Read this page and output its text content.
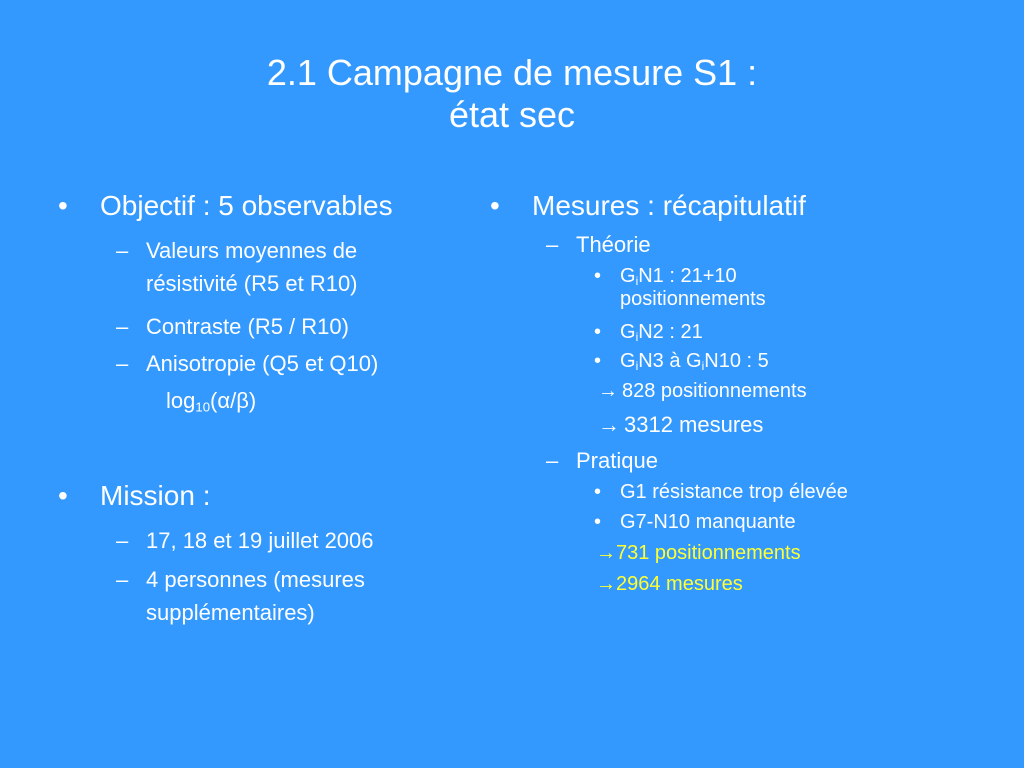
2.1 Campagne de mesure S1 :
état sec
• Objectif : 5 observables
– Valeurs moyennes de
résistivité (R5 et R10)
– Contraste (R5 / R10)
– Anisotropie (Q5 et Q10)
$\log_{10}(\alpha/\beta)$
• Mission :
– 17, 18 et 19 juillet 2006
– 4 personnes (mesures
supplémentaires)
• Mesures : récapitulatif
– Théorie
• $G_iN1$ : 21+10
positionnements
• $G_iN2$ : 21
• $G_iN3$ à $G_iN10$ : 5
→ 828 positionnements
→ 3312 mesures
– Pratique
• G1 résistance trop élevée
• G7-N10 manquante
→731 positionnements
→2964 mesures
